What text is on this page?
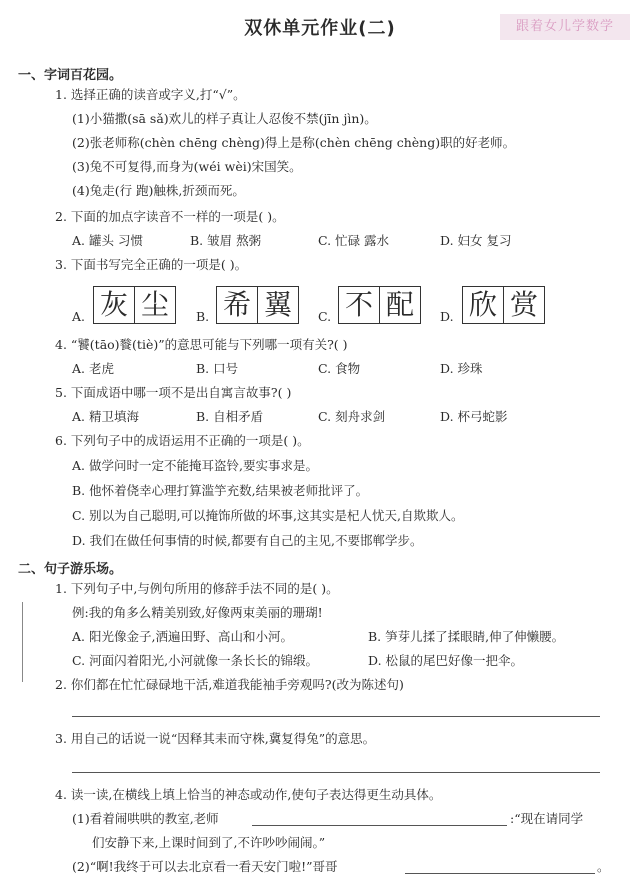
双休单元作业(二)	跟着女儿学数学
一、字词百花园。
1. 选择正确的读音或字义,打“√”。
(1)小猫撒(sā sǎ)欢儿的样子真让人忍俊不禁(jīn jìn)。
(2)张老师称(chèn chēng chèng)得上是称(chèn chēng chèng)职的好老师。
(3)兔不可复得,而身为(wéi wèi)宋国笑。
(4)兔走(行 跑)触株,折颈而死。
2. 下面的加点字读音不一样的一项是( )。
A. 罐头 习惯	B. 皱眉 熬粥	C. 忙碌 露水	D. 妇女 复习
3. 下面书写完全正确的一项是( )。
A. 灰 尘	B. 希 翼	C. 不 配	D. 欣 赏
4. “饕(tāo)餮(tiè)”的意思可能与下列哪一项有关?( )
A. 老虎	B. 口号	C. 食物	D. 珍珠
5. 下面成语中哪一项不是出自寓言故事?( )
A. 精卫填海	B. 自相矛盾	C. 刻舟求剑	D. 杯弓蛇影
6. 下列句子中的成语运用不正确的一项是( )。
A. 做学问时一定不能掩耳盗铃,要实事求是。
B. 他怀着侥幸心理打算滥竽充数,结果被老师批评了。
C. 别以为自己聪明,可以掩饰所做的坏事,这其实是杞人忧天,自欺欺人。
D. 我们在做任何事情的时候,都要有自己的主见,不要邯郸学步。
二、句子游乐场。
1. 下列句子中,与例句所用的修辞手法不同的是( )。
例:我的角多么精美别致,好像两束美丽的珊瑚!
A. 阳光像金子,洒遍田野、高山和小河。	B. 笋芽儿揉了揉眼睛,伸了伸懒腰。
C. 河面闪着阳光,小河就像一条长长的锦缎。	D. 松鼠的尾巴好像一把伞。
2. 你们都在忙忙碌碌地干活,难道我能袖手旁观吗?(改为陈述句)
3. 用自己的话说一说“因释其耒而守株,冀复得兔”的意思。
4. 读一读,在横线上填上恰当的神态或动作,使句子表达得更生动具体。
(1)看着闹哄哄的教室,老师	:“现在请同学
们安静下来,上课时间到了,不许吵吵闹闹。”
(2)“啊!我终于可以去北京看一看天安门啦!”哥哥	。
